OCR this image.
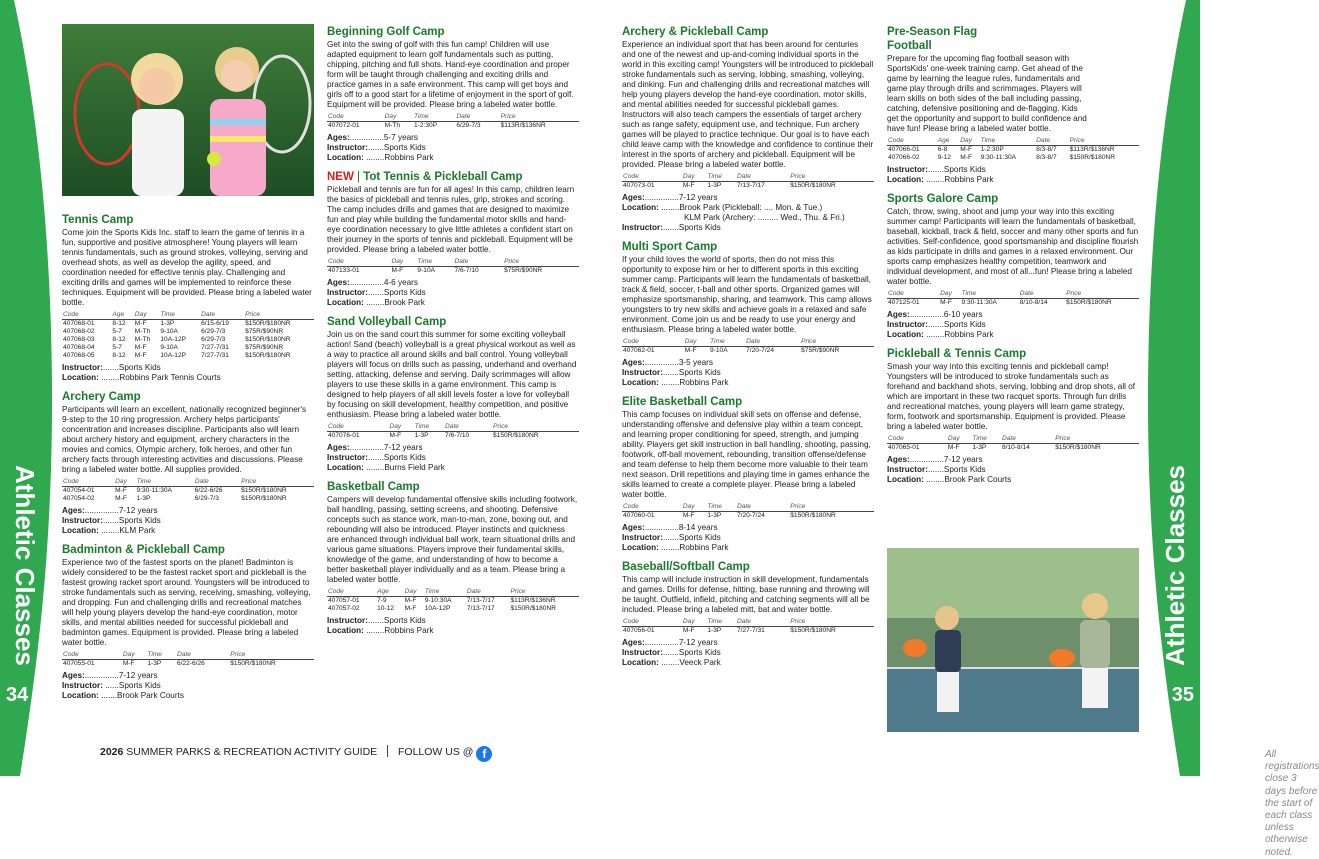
Athletic Classes
34
Tennis Camp
Come join the Sports Kids Inc. staff to learn the game of tennis in a fun, supportive and positive atmosphere! Young players will learn tennis fundamentals, such as ground strokes, volleying, serving and overhead shots, as well as develop the agility, speed, and coordination needed for effective tennis play. Challenging and exciting drills and games will be implemented to reinforce these techniques. Equipment will be provided. Please bring a labeled water bottle.
Code	Age	Day	Time	Date	Price
407068-01	8-12	M-F	1-3P	6/15-6/19	$150R/$180NR
407068-02	5-7	M-Th	9-10A	6/29-7/3	$75R/$90NR
407068-03	8-12	M-Th	10A-12P	6/29-7/3	$150R/$180NR
407068-04	5-7	M-F	9-10A	7/27-7/31	$75R/$90NR
407068-05	8-12	M-F	10A-12P	7/27-7/31	$150R/$180NR
Instructor:.......Sports Kids
Location: ........Robbins Park Tennis Courts
Archery Camp
Participants will learn an excellent, nationally recognized beginner's 9-step to the 10 ring progression. Archery helps participants' concentration and increases discipline. Participants also will learn about archery history and equipment, archery characters in the movies and comics, Olympic archery, folk heroes, and other fun archery facts through interesting activities and discussions. Please bring a labeled water bottle. All supplies provided.
Code	Day	Time	Date	Price
407054-01	M-F	9:30-11:30A	6/22-6/26	$150R/$180NR
407054-02	M-F	1-3P	6/29-7/3	$150R/$180NR
Ages:...............7-12 years
Instructor:.......Sports Kids
Location: ........KLM Park
Badminton & Pickleball Camp
Experience two of the fastest sports on the planet! Badminton is widely considered to be the fastest racket sport and pickleball is the fastest growing racket sport around. Youngsters will be introduced to stroke fundamentals such as serving, receiving, smashing, volleying, and dropping. Fun and challenging drills and recreational matches will help young players develop the hand-eye coordination, motor skills, and mental abilities needed for successful pickleball and badminton games. Equipment is provided. Please bring a labeled water bottle.
Code	Day	Time	Date	Price
407055-01	M-F	1-3P	6/22-6/26	$150R/$180NR
Ages:...............7-12 years
Instructor: ......Sports Kids
Location: .......Brook Park Courts
Beginning Golf Camp
Get into the swing of golf with this fun camp! Children will use adapted equipment to learn golf fundamentals such as putting, chipping, pitching and full shots. Hand-eye coordination and proper form will be taught through challenging and exciting drills and practice games in a safe environment. This camp will get boys and girls off to a good start for a lifetime of enjoyment in the sport of golf. Equipment will be provided. Please bring a labeled water bottle.
Code	Day	Time	Date	Price
407072-01	M-Th	1-2:30P	6/29-7/3	$113R/$136NR
Ages:...............5-7 years
Instructor:.......Sports Kids
Location: ........Robbins Park
NEW | Tot Tennis & Pickleball Camp
Pickleball and tennis are fun for all ages! In this camp, children learn the basics of pickleball and tennis rules, grip, strokes and scoring. The camp includes drills and games that are designed to maximize fun and play while building the fundamental motor skills and hand-eye coordination necessary to give little athletes a confident start on their journey in the sports of tennis and pickleball. Equipment will be provided. Please bring a labeled water bottle.
Code	Day	Time	Date	Price
407133-01	M-F	9-10A	7/6-7/10	$75R/$90NR
Ages:...............4-6 years
Instructor:.......Sports Kids
Location: ........Brook Park
Sand Volleyball Camp
Join us on the sand court this summer for some exciting volleyball action! Sand (beach) volleyball is a great physical workout as well as a way to practice all around skills and ball control. Young volleyball players will focus on drills such as passing, underhand and overhand setting, attacking, defense and serving. Daily scrimmages will allow players to use these skills in a game environment. This camp is designed to help players of all skill levels foster a love for volleyball by focusing on skill development, healthy competition, and positive enthusiasm. Please bring a labeled water bottle.
Code	Day	Time	Date	Price
407076-01	M-F	1-3P	7/6-7/10	$150R/$180NR
Ages:...............7-12 years
Instructor:.......Sports Kids
Location: ........Burns Field Park
Basketball Camp
Campers will develop fundamental offensive skills including footwork, ball handling, passing, setting screens, and shooting. Defensive concepts such as stance work, man-to-man, zone, boxing out, and rebounding will also be introduced. Player instincts and quickness are enhanced through individual ball work, team situational drills and various game situations. Players improve their fundamental skills, knowledge of the game, and understanding of how to become a better basketball player individually and as a team. Please bring a labeled water bottle.
Code	Age	Day	Time	Date	Price
407057-01	7-9	M-F	9-10:30A	7/13-7/17	$113R/$136NR
407057-02	10-12	M-F	10A-12P	7/13-7/17	$150R/$180NR
Instructor:.......Sports Kids
Location: ........Robbins Park
2026 SUMMER PARKS & RECREATION ACTIVITY GUIDE FOLLOW US @ f
Athletic Classes
35
Archery & Pickleball Camp
Experience an individual sport that has been around for centuries and one of the newest and up-and-coming individual sports in the world in this exciting camp! Youngsters will be introduced to pickleball stroke fundamentals such as serving, lobbing, smashing, volleying, and dinking. Fun and challenging drills and recreational matches will help young players develop the hand-eye coordination, motor skills, and mental abilities needed for successful pickleball games. Instructors will also teach campers the essentials of target archery such as range safety, equipment use, and technique. Fun archery games will be played to practice technique. Our goal is to have each child leave camp with the knowledge and confidence to continue their interest in the sports of archery and pickleball. Equipment will be provided. Please bring a labeled water bottle.
Code	Day	Time	Date	Price
407073-01	M-F	1-3P	7/13-7/17	$150R/$180NR
Ages:...............7-12 years
Location: ........Brook Park (Pickleball: .... Mon. & Tue.)
KLM Park (Archery: ......... Wed., Thu. & Fri.)
Instructor:.......Sports Kids
Multi Sport Camp
If your child loves the world of sports, then do not miss this opportunity to expose him or her to different sports in this exciting summer camp. Participants will learn the fundamentals of basketball, track & field, soccer, t-ball and other sports. Organized games will emphasize sportsmanship, sharing, and teamwork. This camp allows youngsters to try new skills and achieve goals in a relaxed and safe environment. Come join us and be ready to use your energy and enthusiasm. Please bring a labeled water bottle.
Code	Day	Time	Date	Price
407062-01	M-F	9-10A	7/20-7/24	$75R/$90NR
Ages:...............3-5 years
Instructor:.......Sports Kids
Location: ........Robbins Park
Elite Basketball Camp
This camp focuses on individual skill sets on offense and defense, understanding offensive and defensive play within a team concept, and learning proper conditioning for speed, strength, and jumping ability. Players get skill instruction in ball handling, shooting, passing, footwork, off-ball movement, rebounding, transition offense/defense and team defense to help them become more valuable to their team next season. Drill repetitions and playing time in games enhance the skills learned to create a complete player. Please bring a labeled water bottle.
Code	Day	Time	Date	Price
407060-01	M-F	1-3P	7/20-7/24	$150R/$180NR
Ages:...............8-14 years
Instructor:.......Sports Kids
Location: ........Robbins Park
Baseball/Softball Camp
This camp will include instruction in skill development, fundamentals and games. Drills for defense, hitting, base running and throwing will be taught. Outfield, infield, pitching and catching segments will all be included. Please bring a labeled mitt, bat and water bottle.
Code	Day	Time	Date	Price
407056-01	M-F	1-3P	7/27-7/31	$150R/$180NR
Ages:...............7-12 years
Instructor:.......Sports Kids
Location: ........Veeck Park
Pre-Season Flag Football
Prepare for the upcoming flag football season with SportsKids' one-week training camp. Get ahead of the game by learning the league rules, fundamentals and game play through drills and scrimmages. Players will learn skills on both sides of the ball including passing, catching, defensive positioning and de-flagging. Kids get the opportunity and support to build confidence and have fun! Please bring a labeled water bottle.
Code	Age	Day	Time	Date	Price
407066-01	6-8	M-F	1-2:30P	8/3-8/7	$113R/$136NR
407066-02	9-12	M-F	9:30-11:30A	8/3-8/7	$150R/$180NR
Instructor:.......Sports Kids
Location: ........Robbins Park
Sports Galore Camp
Catch, throw, swing, shoot and jump your way into this exciting summer camp! Participants will learn the fundamentals of basketball, baseball, kickball, track & field, soccer and many other sports and fun activities. Self-confidence, good sportsmanship and discipline flourish as kids participate in drills and games in a relaxed environment. Our sports camp emphasizes healthy competition, teamwork and individual development, and most of all...fun! Please bring a labeled water bottle.
Code	Day	Time	Date	Price
407125-01	M-F	9:30-11:30A	8/10-8/14	$150R/$180NR
Ages:...............6-10 years
Instructor:.......Sports Kids
Location: ........Robbins Park
Pickleball & Tennis Camp
Smash your way into this exciting tennis and pickleball camp! Youngsters will be introduced to stroke fundamentals such as forehand and backhand shots, serving, lobbing and drop shots, all of which are important in these two racquet sports. Through fun drills and recreational matches, young players will learn game strategy, form, footwork and sportsmanship. Equipment is provided. Please bring a labeled water bottle.
Code	Day	Time	Date	Price
407065-01	M-F	1-3P	8/10-8/14	$150R/$180NR
Ages:...............7-12 years
Instructor:.......Sports Kids
Location: ........Brook Park Courts
All registrations close 3 days before the start of each class unless otherwise noted.
